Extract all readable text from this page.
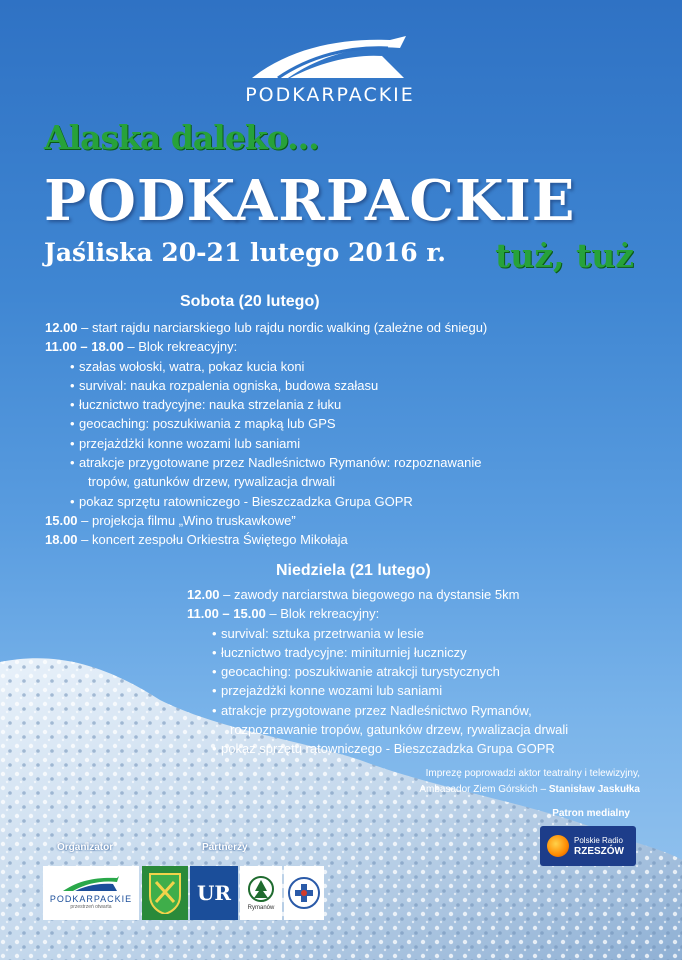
PODKARPACKIE
Alaska daleko...
PODKARPACKIE
Jaśliska 20-21 lutego 2016 r. tuż, tuż
Sobota (20 lutego)
12.00 – start rajdu narciarskiego lub rajdu nordic walking (zależne od śniegu)
11.00 – 18.00 – Blok rekreacyjny:
• szałas wołoski, watra, pokaz kucia koni
• survival: nauka rozpalenia ogniska, budowa szałasu
• łucznictwo tradycyjne: nauka strzelania z łuku
• geocaching: poszukiwania z mapką lub GPS
• przejażdżki konne wozami lub saniami
• atrakcje przygotowane przez Nadleśnictwo Rymanów: rozpoznawanie
tropów, gatunków drzew, rywalizacja drwali
• pokaz sprzętu ratowniczego - Bieszczadzka Grupa GOPR
15.00 – projekcja filmu „Wino truskawkowe”
18.00 – koncert zespołu Orkiestra Świętego Mikołaja
Niedziela (21 lutego)
12.00 – zawody narciarstwa biegowego na dystansie 5km
11.00 – 15.00 – Blok rekreacyjny:
• survival: sztuka przetrwania w lesie
• łucznictwo tradycyjne: miniturniej łuczniczy
• geocaching: poszukiwanie atrakcji turystycznych
• przejażdżki konne wozami lub saniami
• atrakcje przygotowane przez Nadleśnictwo Rymanów,
rozpoznawanie tropów, gatunków drzew, rywalizacja drwali
• pokaz sprzętu ratowniczego - Bieszczadzka Grupa GOPR
Imprezę poprowadzi aktor teatralny i telewizyjny,
Ambasador Ziem Górskich – Stanisław Jaskułka
Patron medialny
Polskie Radio
RZESZÓW
Organizator	Partnerzy
PODKARPACKIE
przestrzeń otwarta
UR
Rymanów
